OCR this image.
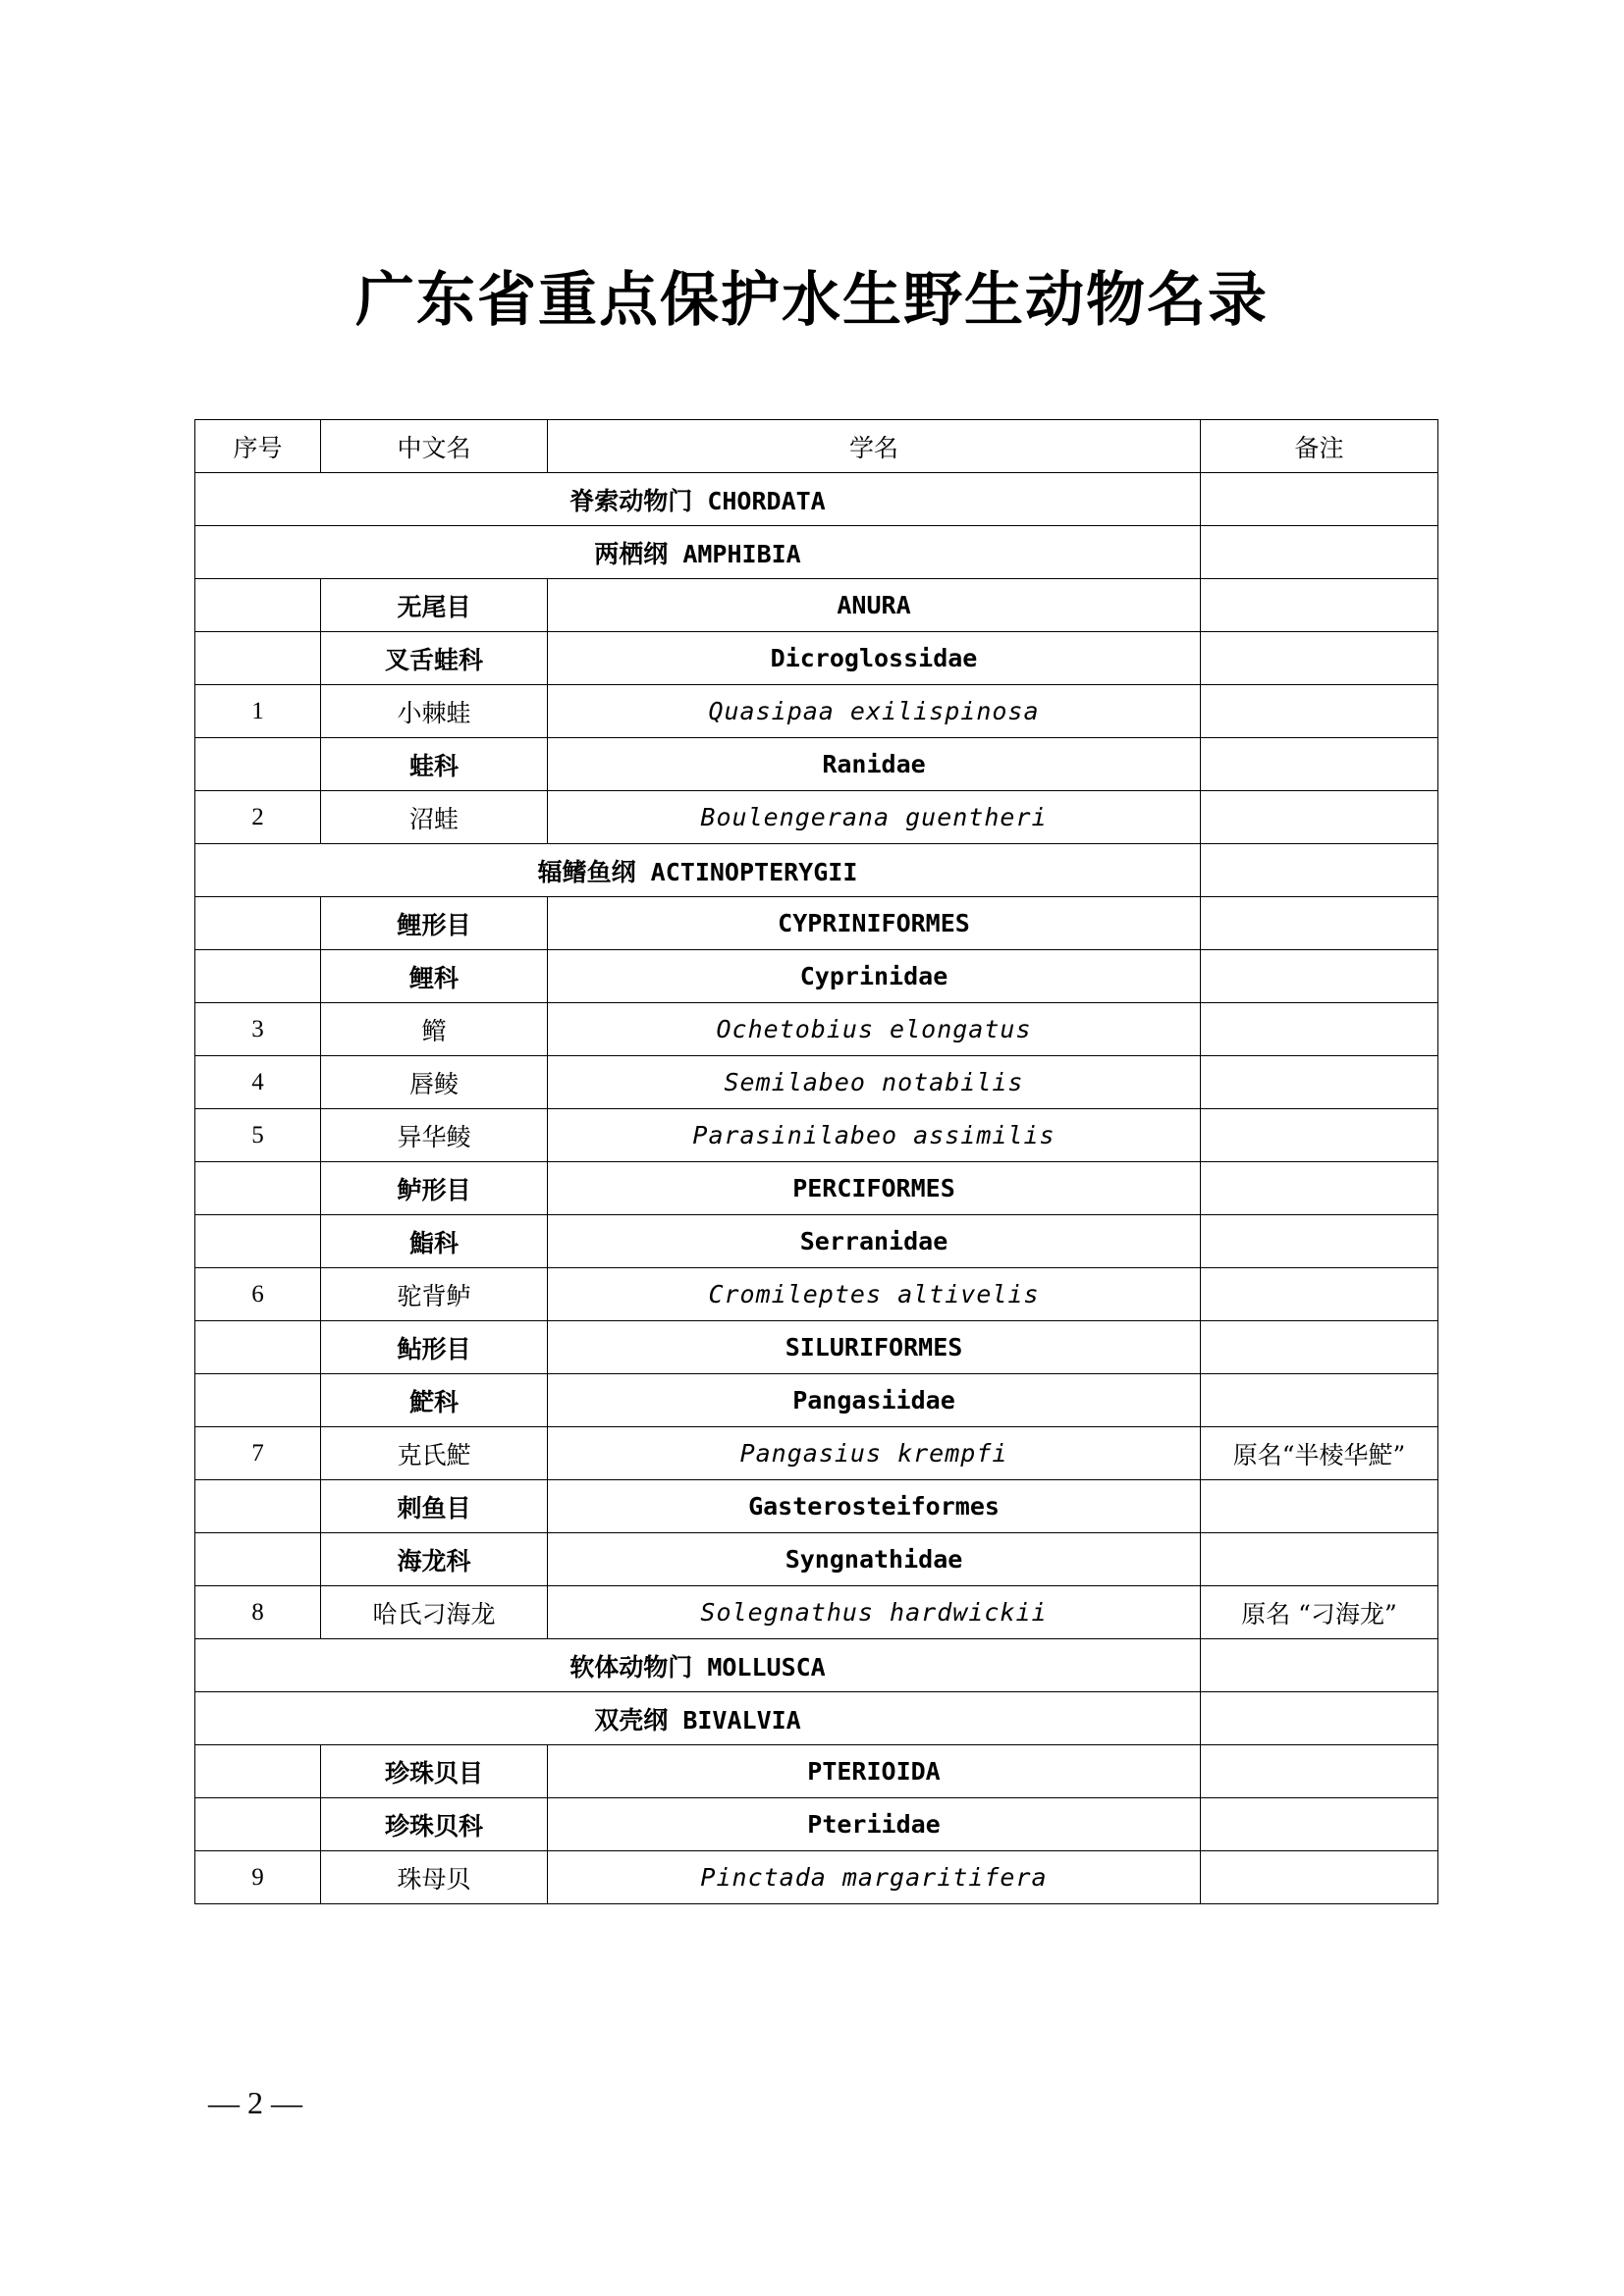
广东省重点保护水生野生动物名录
序号	中文名	学名	备注
脊索动物门 CHORDATA			
两栖纲 AMPHIBIA			
	无尾目	ANURA	
	叉舌蛙科	Dicroglossidae	
1	小棘蛙	Quasipaa exilispinosa	
	蛙科	Ranidae	
2	沼蛙	Boulengerana guentheri	
辐鳍鱼纲 ACTINOPTERYGII			
	鲤形目	CYPRINIFORMES	
	鲤科	Cyprinidae	
3	鳤	Ochetobius elongatus	
4	唇鲮	Semilabeo notabilis	
5	异华鲮	Parasinilabeo assimilis	
	鲈形目	PERCIFORMES	
	鮨科	Serranidae	
6	驼背鲈	Cromileptes altivelis	
	鲇形目	SILURIFORMES	
	𩷶科	Pangasiidae	
7	克氏𩷶	Pangasius krempfi	原名“半棱华𩷶”
	刺鱼目	Gasterosteiformes	
	海龙科	Syngnathidae	
8	哈氏刁海龙	Solegnathus hardwickii	原名 “刁海龙”
软体动物门 MOLLUSCA			
双壳纲 BIVALVIA			
	珍珠贝目	PTERIOIDA	
	珍珠贝科	Pteriidae	
9	珠母贝	Pinctada margaritifera	
— 2 —
